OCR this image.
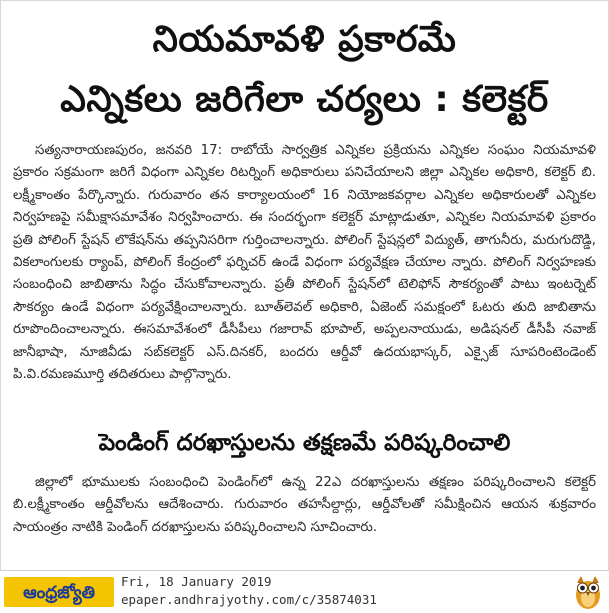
నియమావళి ప్రకారమే
ఎన్నికలు జరిగేలా చర్యలు : కలెక్టర్

సత్యనారాయణపురం, జనవరి 17: రాబోయే సార్వత్రిక ఎన్నికల ప్రక్రియను ఎన్నికల సంఘం నియమావళి ప్రకారం సక్రమంగా జరిగే విధంగా ఎన్నికల రిటర్నింగ్ అధికారులు పనిచేయాలని జిల్లా ఎన్నికల అధికారి, కలెక్టర్ బి. లక్ష్మీకాంతం పేర్కొన్నారు. గురువారం తన కార్యాలయంలో 16 నియోజకవర్గాల ఎన్నికల అధికారులతో ఎన్నికల నిర్వహణపై సమీక్షాసమావేశం నిర్వహించారు. ఈ సందర్భంగా కలెక్టర్ మాట్లాడుతూ, ఎన్నికల నియమావళి ప్రకారం ప్రతి పోలింగ్ స్టేషన్ లొకేషన్‌ను తప్పనిసరిగా గుర్తించాలన్నారు. పోలింగ్ స్టేషన్లలో విద్యుత్, తాగునీరు, మరుగుదొడ్డి, వికలాంగులకు ర్యాంప్, పోలింగ్ కేంద్రంలో ఫర్నిచర్ ఉండే విధంగా పర్యవేక్షణ చేయాల న్నారు. పోలింగ్ నిర్వహణకు సంబంధించి జాబితాను సిద్ధం చేసుకోవాలన్నారు. ప్రతీ పోలింగ్ స్టేషన్‌లో టెలిఫోన్ సౌకర్యంతో పాటు ఇంటర్నెట్ సౌకర్యం ఉండే విధంగా పర్యవేక్షించాలన్నారు. బూత్‌లెవల్ అధికారి, ఏజెంట్ సమక్షంలో ఓటరు తుది జాబితాను రూపొందించాలన్నారు. ఈసమావేశంలో డీసీపీలు గజారావ్ భూపాల్, అప్పలనాయుడు, అడిషనల్ డీసీపీ నవాజ్ జానీభాషా, నూజివీడు సబ్‌కలెక్టర్ ఎస్.దినకర్, బందరు ఆర్డీవో ఉదయభాస్కర్, ఎక్సైజ్ సూపరింటెండెంట్ పి.వి.రమణమూర్తి తదితరులు పాల్గొన్నారు.

పెండింగ్ దరఖాస్తులను తక్షణమే పరిష్కరించాలి

జిల్లాలో భూములకు సంబంధించి పెండింగ్‌లో ఉన్న 22ఎ దరఖాస్తులను తక్షణం పరిష్కరించాలని కలెక్టర్ బి.లక్ష్మీకాంతం ఆర్డీవోలను ఆదేశించారు. గురువారం తహసీల్దార్లు, ఆర్డీవోలతో సమీక్షించిన ఆయన శుక్రవారం సాయంత్రం నాటికి పెండింగ్ దరఖాస్తులను పరిష్కరించాలని సూచించారు.

ఆంధ్రజ్యోతి
Fri, 18 January 2019
epaper.andhrajyothy.com/c/35874031
